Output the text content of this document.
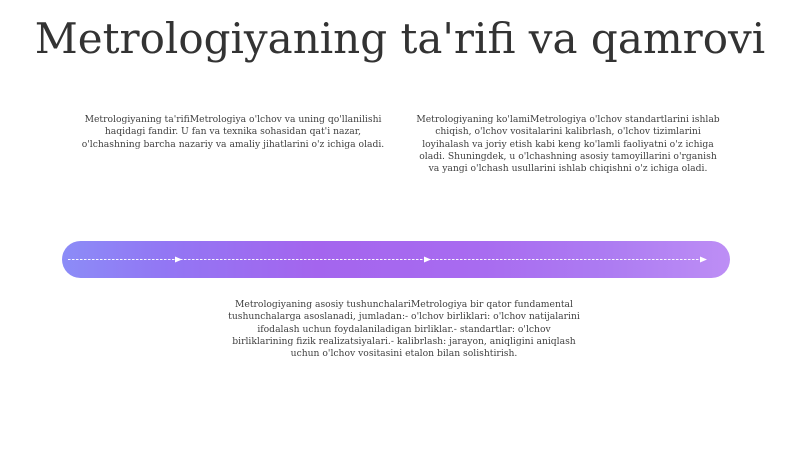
Metrologiyaning ta'rifi va qamrovi

Metrologiyaning ta'rifiMetrologiya o'lchov va uning qo'llanilishi haqidagi fandir. U fan va texnika sohasidan qat'i nazar, o'lchashning barcha nazariy va amaliy jihatlarini o'z ichiga oladi.

Metrologiyaning ko'lamiMetrologiya o'lchov standartlarini ishlab chiqish, o'lchov vositalarini kalibrlash, o'lchov tizimlarini loyihalash va joriy etish kabi keng ko'lamli faoliyatni o'z ichiga oladi. Shuningdek, u o'lchashning asosiy tamoyillarini o'rganish va yangi o'lchash usullarini ishlab chiqishni o'z ichiga oladi.

Metrologiyaning asosiy tushunchalariMetrologiya bir qator fundamental tushunchalarga asoslanadi, jumladan:- o'lchov birliklari: o'lchov natijalarini ifodalash uchun foydalaniladigan birliklar.- standartlar: o'lchov birliklarining fizik realizatsiyalari.- kalibrlash: jarayon, aniqligini aniqlash uchun o'lchov vositasini etalon bilan solishtirish.
